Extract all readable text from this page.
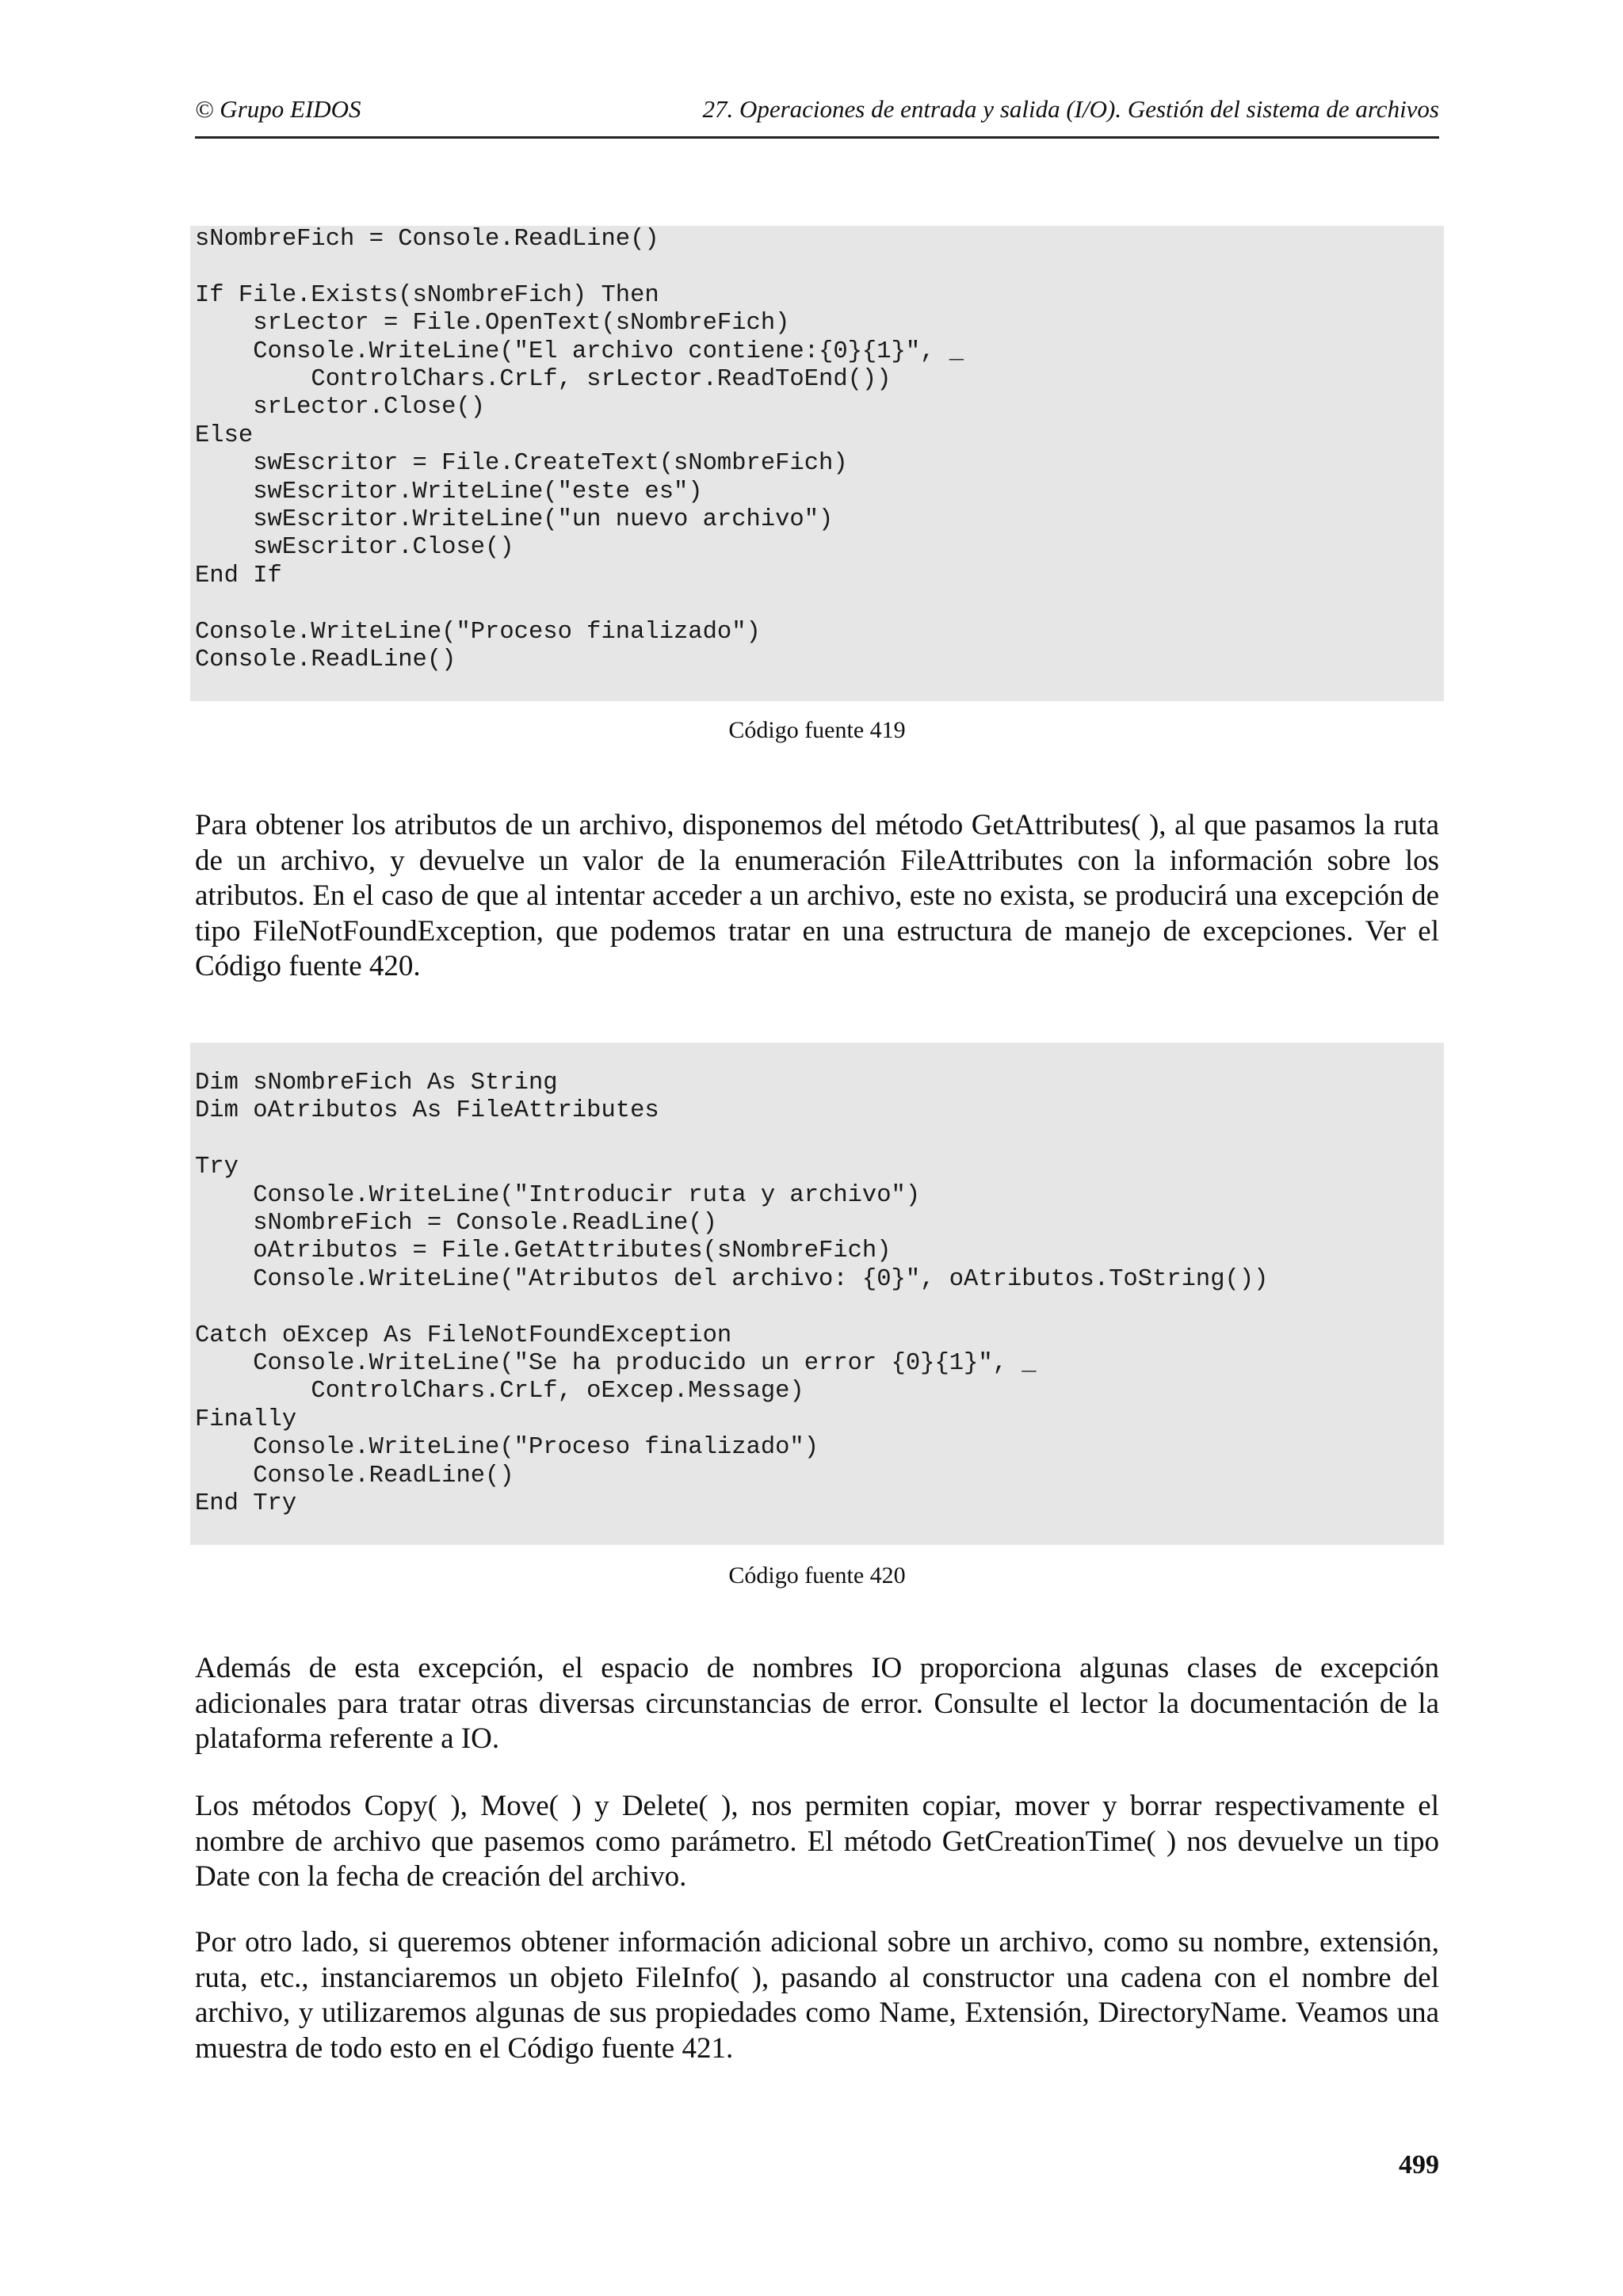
© Grupo EIDOS	27. Operaciones de entrada y salida (I/O). Gestión del sistema de archivos
sNombreFich = Console.ReadLine()

If File.Exists(sNombreFich) Then
srLector = File.OpenText(sNombreFich)
Console.WriteLine("El archivo contiene:{0}{1}", _
ControlChars.CrLf, srLector.ReadToEnd())
srLector.Close()
Else
swEscritor = File.CreateText(sNombreFich)
swEscritor.WriteLine("este es")
swEscritor.WriteLine("un nuevo archivo")
swEscritor.Close()
End If

Console.WriteLine("Proceso finalizado")
Console.ReadLine()
Código fuente 419

Para obtener los atributos de un archivo, disponemos del método GetAttributes( ), al que pasamos la ruta de un archivo, y devuelve un valor de la enumeración FileAttributes con la información sobre los atributos. En el caso de que al intentar acceder a un archivo, este no exista, se producirá una excepción de tipo FileNotFoundException, que podemos tratar en una estructura de manejo de excepciones. Ver el Código fuente 420.

Dim sNombreFich As String
Dim oAtributos As FileAttributes

Try
Console.WriteLine("Introducir ruta y archivo")
sNombreFich = Console.ReadLine()
oAtributos = File.GetAttributes(sNombreFich)
Console.WriteLine("Atributos del archivo: {0}", oAtributos.ToString())

Catch oExcep As FileNotFoundException
Console.WriteLine("Se ha producido un error {0}{1}", _
ControlChars.CrLf, oExcep.Message)
Finally
Console.WriteLine("Proceso finalizado")
Console.ReadLine()
End Try
Código fuente 420

Además de esta excepción, el espacio de nombres IO proporciona algunas clases de excepción adicionales para tratar otras diversas circunstancias de error. Consulte el lector la documentación de la plataforma referente a IO.

Los métodos Copy( ), Move( ) y Delete( ), nos permiten copiar, mover y borrar respectivamente el nombre de archivo que pasemos como parámetro. El método GetCreationTime( ) nos devuelve un tipo Date con la fecha de creación del archivo.

Por otro lado, si queremos obtener información adicional sobre un archivo, como su nombre, extensión, ruta, etc., instanciaremos un objeto FileInfo( ), pasando al constructor una cadena con el nombre del archivo, y utilizaremos algunas de sus propiedades como Name, Extensión, DirectoryName. Veamos una muestra de todo esto en el Código fuente 421.

499
